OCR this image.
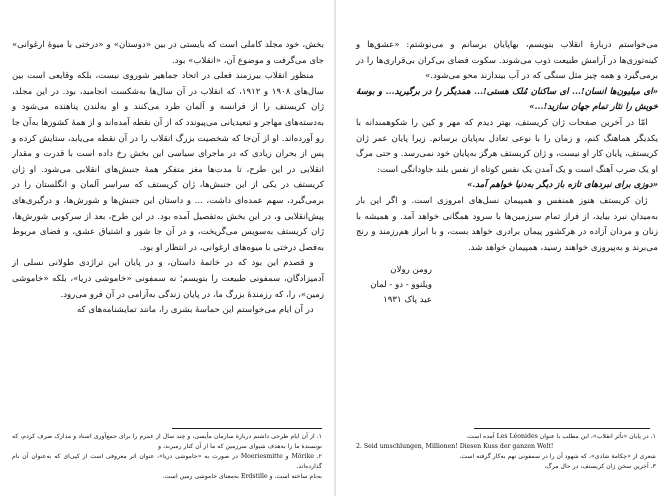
بخش، خود مجلد کاملی است که بایستی در بین «دوستان» و «درختی با میوهٔ ارغوانی» جای می‌گرفت و موضوع آن، «انقلاب» بود.

منظور انقلاب بیرزمند فعلی در اتحاد جماهیر شوروی نیست، بلکه وقایعی است بین سال‌های ۱۹۰۸ و ۱۹۱۲، که انقلاب در آن سال‌ها به‌شکست انجامید، بود. در این مجلد، ژان کریستف را از فرانسه و آلمان طرد می‌کنند و او به‌لندن پناهنده می‌شود و به‌دسته‌های مهاجر و تبعیدیانی می‌پیوندد که از آن نقطه آمده‌اند و از همهٔ کشورها به‌آن جا رو آورده‌اند. او از آن‌جا که شخصیت بزرگ انقلاب را در آن نقطه می‌یابد، ستایش کرده و پس از بحران زیادی که در ماجرای سیاسی این بخش رخ داده است با قدرت و مقدار انقلابی در این طرح، تا مدت‌ها مغز متفکر همهٔ جنبش‌های انقلابی می‌شود. او ژان کریستف در یکی از این جنبش‌ها، ژان کریستف که سراسر آلمان و انگلستان را در برمی‌گیرد، سهم عمده‌ای داشت، ... و داستان این جنبش‌ها و شورش‌ها، و درگیری‌های پیش‌انقلابی و، در این بخش به‌تفصیل آمده بود. در این طرح، بعد از سرکوبی شورش‌ها، ژان کریستف به‌سویس می‌گریخت، و در آن جا شور و اشتیاق عشق، و فضای مربوط به‌فصل درختی با میوه‌های ارغوانی، در انتظار او بود.

و قصدم این بود که در خاتمهٔ داستان، و در پایان این تراژدی طولانی نسلی از آدمیزادگان، سمفونی طبیعت را بنویسم؛ نه سمفونی «خاموشی دریا»، بلکه «خاموشی زمین»، را، که رزمندهٔ بزرگ ما، در پایان زندگی به‌آرامی در آن فرو می‌رود.

در آن ایام می‌خواستم این حماسهٔ بشری را، مانند تمایشنامه‌های که

۱. از آن ایام طرحی داشتم دربارهٔ سازمان مأیسی، و چند سال از عمرم را برای جمع‌آوری اسناد و مدارک صرف کردم، که نویسندهٔ ما را به‌هدف شیوای سرزمین که ما از آن کنار رمبرند، و

۲. Mörike و Moeriesmitte در صورت به «خاموشی دریا»، عنوان اثر معروفی است از کپی‌ای که به‌عنوان آن نام گذارده‌اند.

به‌نام ساخته است. و Erdstille به‌معنای خاموشی زمین است.

می‌خواستم دربارهٔ انقلاب بنویسم، بهاپایان برسانم و می‌نوشتم: «عشق‌ها و کینه‌توزی‌ها در آرامش طبیعت ذوب می‌شوند. سکوت فضای بی‌کران بی‌قراری‌ها را در برمی‌گیرد و همه چیز مثل سنگی که در آب بیندازند محو می‌شود.»

«ای میلیون‌ها انسان!... ای ساکنان مُلک هستی!... همدیگر را در برگیرید... و بوسهٔ خویش را نثار تمام جهان سازید!...»

امّا در آخرین صفحات ژان کریستف، بهتر دیدم که مهر و کین را شکوهمندانه با یکدیگر هماهنگ کنم، و زمان را با نوعی تعادل به‌پایان برسانم. زیرا پایان عمر ژان کریستف، پایان کار او نیست، و ژان کریستف هرگز به‌پایان خود نمی‌رسد. و حتی مرگ او یک ضرب آهنگ است و یک آمدن یک نفس کوتاه از نفس بلند جاودانگی است:

«دوزی برای نبردهای تازه باز دیگر به‌دنیا خواهم آمد.»

ژان کریستف هنوز همنفس و همپیمان نسل‌های امروزی است. و اگر این بار به‌میدان نبرد بیاید، از فراز تمام سرزمین‌ها با سرود همگانی خواهد آمد. و همیشه با زنان و مردان آزاده در هرکشور پیمان برادری خواهد بست، و با ابراز هم‌رزمند و رنج می‌برند و به‌پیروزی خواهند رسید، همپیمان خواهد شد.

رومن رولان
ویلنوو - دو - لمان
عید پاک ۱۹۳۱

۱. در پایان «تأثر انقلاب»، این مطلب با عنوان Les Léonides آمده است.

2. Seid umschlungen, Millionen! Diesen Kuss der ganzen Welt!

شعری از «چکامهٔ شادی»، که شهود آن را در سمفونی نهم به‌کار گرفته است.

۳. آخرین سخن ژان کریستف، در حال مرگ.
